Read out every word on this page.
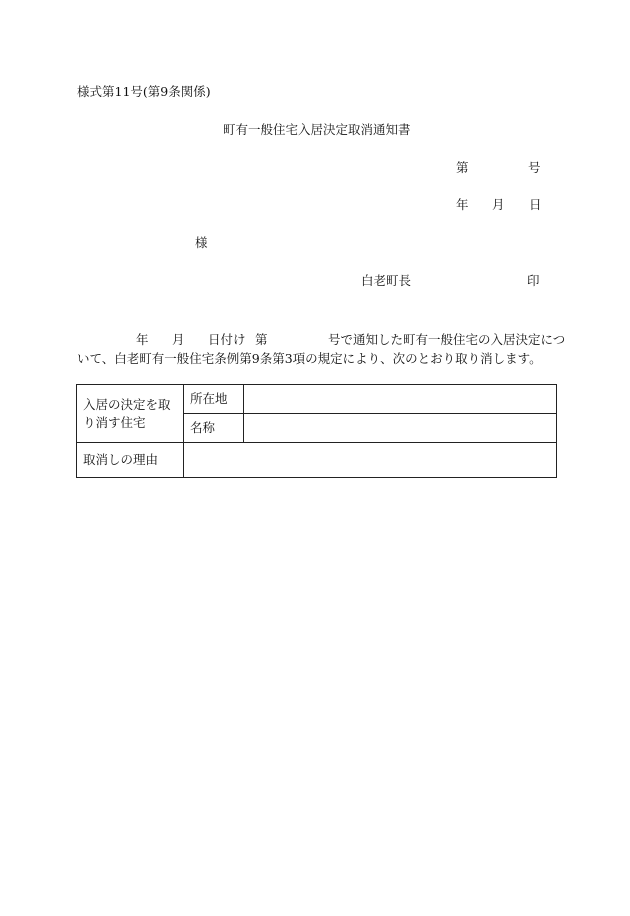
様式第11号(第9条関係)
町有一般住宅入居決定取消通知書
第	号
年 月 日
様
白老町長	印
年 月 日付け 第	号で通知した町有一般住宅の入居決定につ
いて、白老町有一般住宅条例第9条第3項の規定により、次のとおり取り消します。
入居の決定を取り消す住宅	所在地	
	名称	
取消しの理由		
